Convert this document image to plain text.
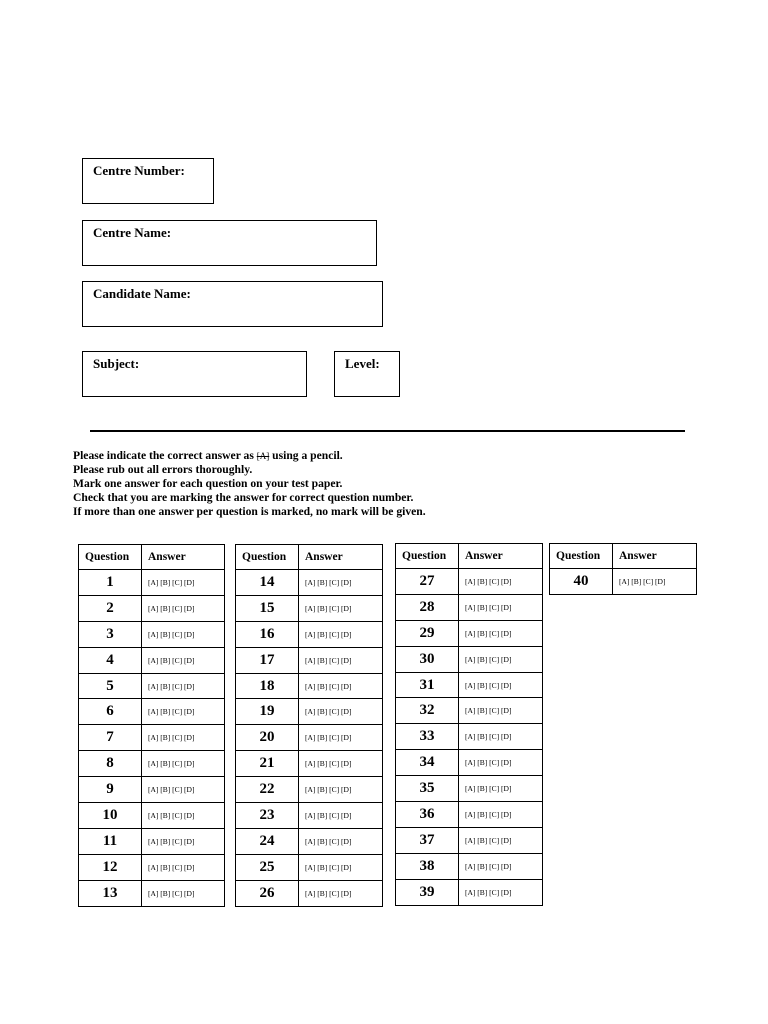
Centre Number:
Centre Name:
Candidate Name:
Subject:	Level:
Please indicate the correct answer as [A] using a pencil.
Please rub out all errors thoroughly.
Mark one answer for each question on your test paper.
Check that you are marking the answer for correct question number.
If more than one answer per question is marked, no mark will be given.
Question	Answer
1	[A] [B] [C] [D]
2	[A] [B] [C] [D]
3	[A] [B] [C] [D]
4	[A] [B] [C] [D]
5	[A] [B] [C] [D]
6	[A] [B] [C] [D]
7	[A] [B] [C] [D]
8	[A] [B] [C] [D]
9	[A] [B] [C] [D]
10	[A] [B] [C] [D]
11	[A] [B] [C] [D]
12	[A] [B] [C] [D]
13	[A] [B] [C] [D]
Question	Answer
14	[A] [B] [C] [D]
15	[A] [B] [C] [D]
16	[A] [B] [C] [D]
17	[A] [B] [C] [D]
18	[A] [B] [C] [D]
19	[A] [B] [C] [D]
20	[A] [B] [C] [D]
21	[A] [B] [C] [D]
22	[A] [B] [C] [D]
23	[A] [B] [C] [D]
24	[A] [B] [C] [D]
25	[A] [B] [C] [D]
26	[A] [B] [C] [D]
Question	Answer
27	[A] [B] [C] [D]
28	[A] [B] [C] [D]
29	[A] [B] [C] [D]
30	[A] [B] [C] [D]
31	[A] [B] [C] [D]
32	[A] [B] [C] [D]
33	[A] [B] [C] [D]
34	[A] [B] [C] [D]
35	[A] [B] [C] [D]
36	[A] [B] [C] [D]
37	[A] [B] [C] [D]
38	[A] [B] [C] [D]
39	[A] [B] [C] [D]
Question	Answer
40	[A] [B] [C] [D]
